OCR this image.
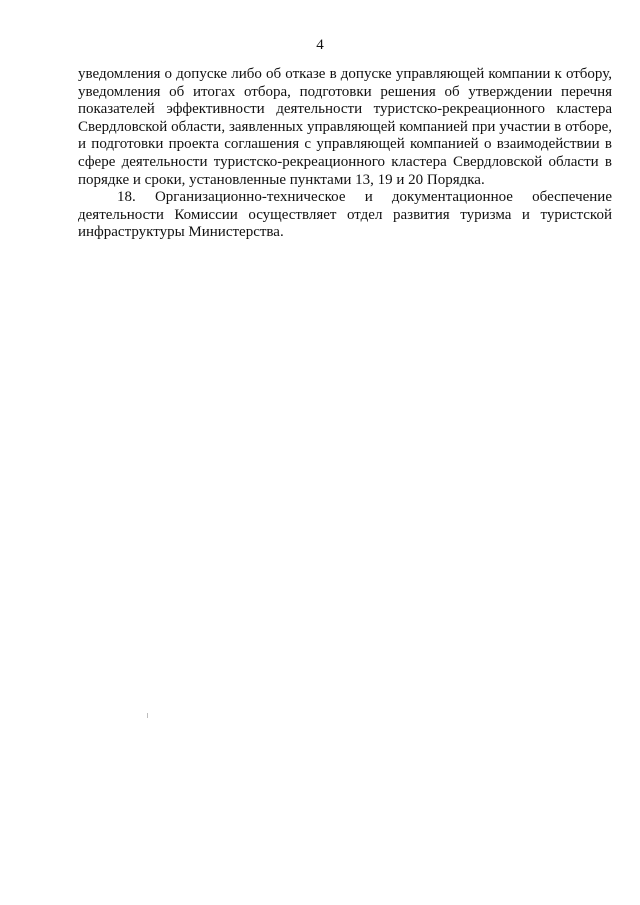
4

уведомления о допуске либо об отказе в допуске управляющей компании к отбору, уведомления об итогах отбора, подготовки решения об утверждении перечня показателей эффективности деятельности туристско-рекреационного кластера Свердловской области, заявленных управляющей компанией при участии в отборе, и подготовки проекта соглашения с управляющей компанией о взаимодействии в сфере деятельности туристско-рекреационного кластера Свердловской области в порядке и сроки, установленные пунктами 13, 19 и 20 Порядка.

18. Организационно-техническое и документационное обеспечение деятельности Комиссии осуществляет отдел развития туризма и туристской инфраструктуры Министерства.
